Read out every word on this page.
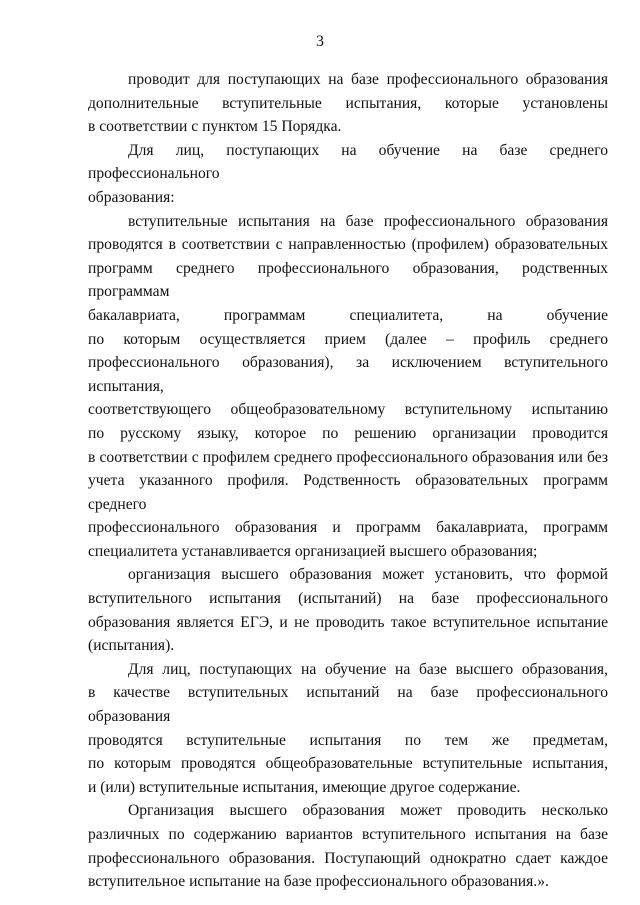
3
проводит для поступающих на базе профессионального образования
дополнительные вступительные испытания, которые установлены
в соответствии с пунктом 15 Порядка.
Для лиц, поступающих на обучение на базе среднего профессионального
образования:
вступительные испытания на базе профессионального образования
проводятся в соответствии с направленностью (профилем) образовательных
программ среднего профессионального образования, родственных программам
бакалавриата, программам специалитета, на обучение
по которым осуществляется прием (далее – профиль среднего
профессионального образования), за исключением вступительного испытания,
соответствующего общеобразовательному вступительному испытанию
по русскому языку, которое по решению организации проводится
в соответствии с профилем среднего профессионального образования или без
учета указанного профиля. Родственность образовательных программ среднего
профессионального образования и программ бакалавриата, программ
специалитета устанавливается организацией высшего образования;
организация высшего образования может установить, что формой
вступительного испытания (испытаний) на базе профессионального
образования является ЕГЭ, и не проводить такое вступительное испытание
(испытания).
Для лиц, поступающих на обучение на базе высшего образования,
в качестве вступительных испытаний на базе профессионального образования
проводятся вступительные испытания по тем же предметам,
по которым проводятся общеобразовательные вступительные испытания,
и (или) вступительные испытания, имеющие другое содержание.
Организация высшего образования может проводить несколько
различных по содержанию вариантов вступительного испытания на базе
профессионального образования. Поступающий однократно сдает каждое
вступительное испытание на базе профессионального образования.».
